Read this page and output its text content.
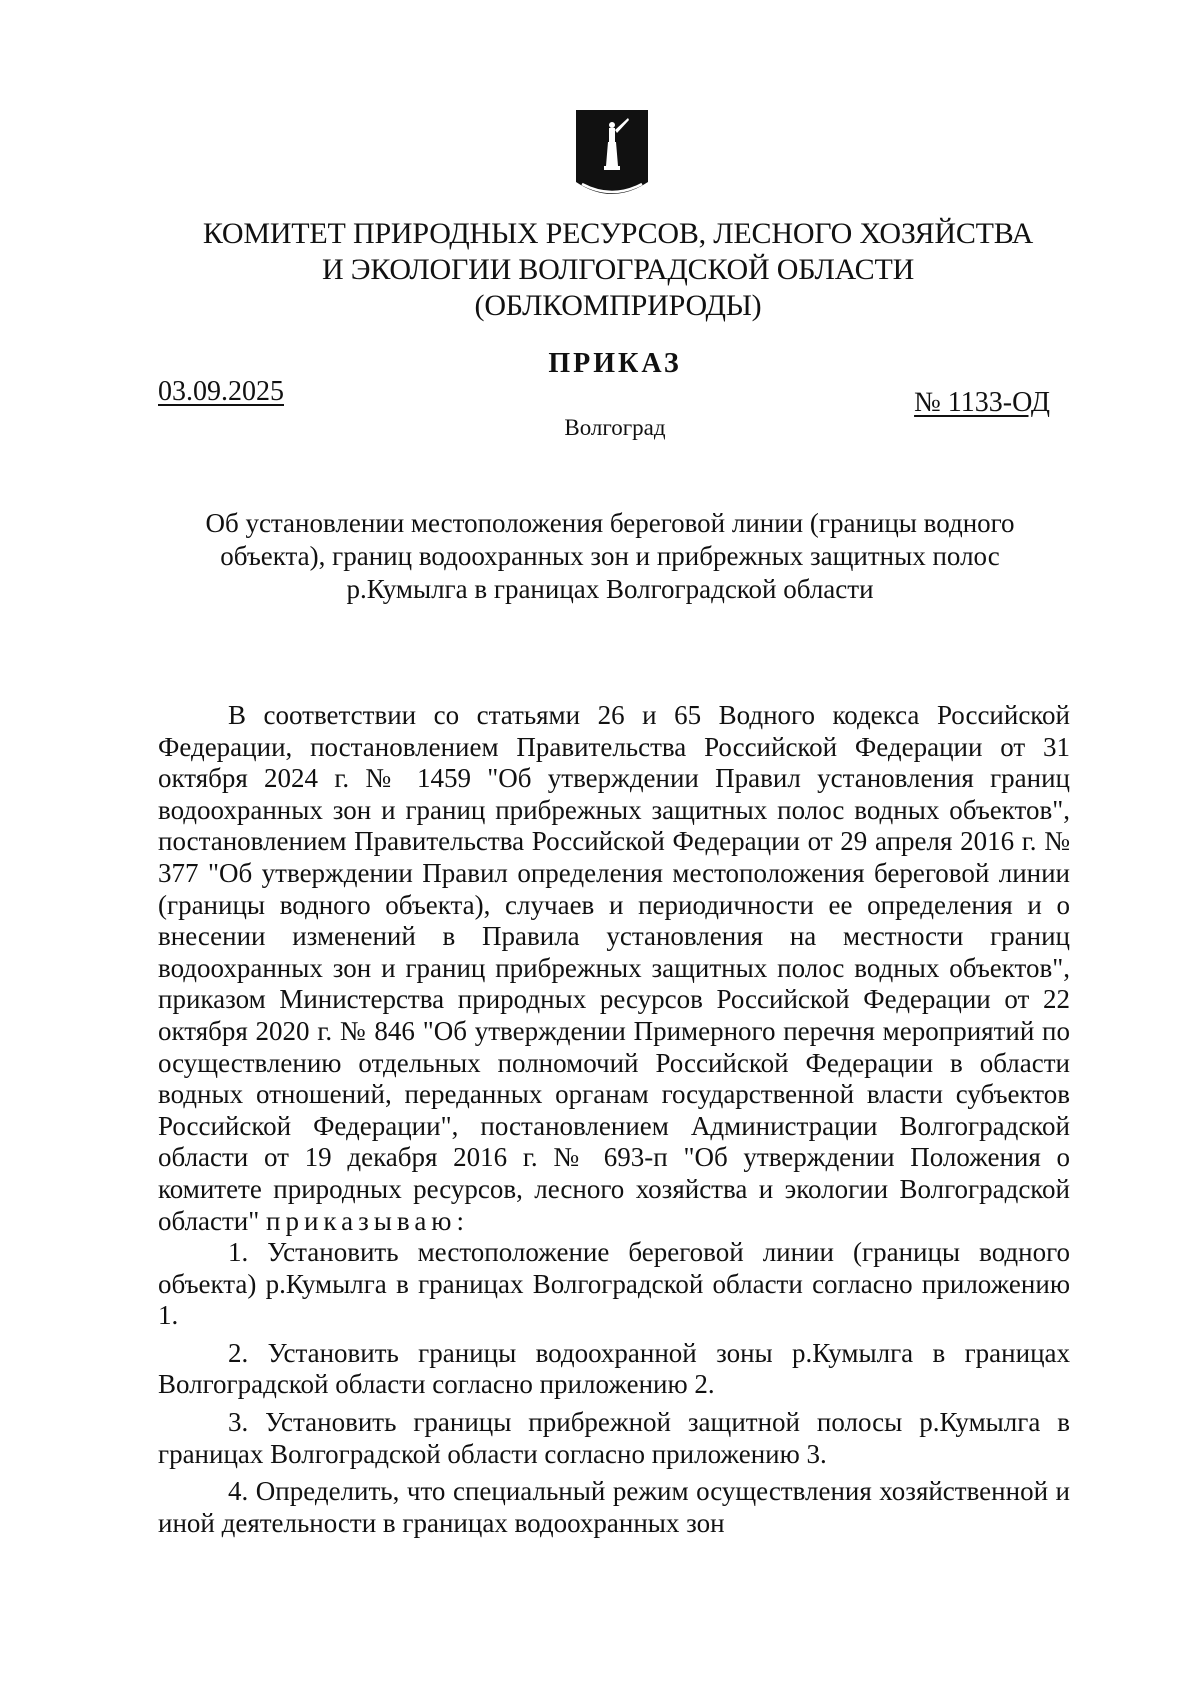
КОМИТЕТ ПРИРОДНЫХ РЕСУРСОВ, ЛЕСНОГО ХОЗЯЙСТВА
И ЭКОЛОГИИ ВОЛГОГРАДСКОЙ ОБЛАСТИ
(ОБЛКОМПРИРОДЫ)
ПРИКАЗ
03.09.2025	№ 1133-ОД
Волгоград
Об установлении местоположения береговой линии (границы водного
объекта), границ водоохранных зон и прибрежных защитных полос
р.Кумылга в границах Волгоградской области

В соответствии со статьями 26 и 65 Водного кодекса Российской Федерации, постановлением Правительства Российской Федерации от 31 октября 2024 г. № 1459 "Об утверждении Правил установления границ водоохранных зон и границ прибрежных защитных полос водных объектов", постановлением Правительства Российской Федерации от 29 апреля 2016 г. № 377 "Об утверждении Правил определения местоположения береговой линии (границы водного объекта), случаев и периодичности ее определения и о внесении изменений в Правила установления на местности границ водоохранных зон и границ прибрежных защитных полос водных объектов", приказом Министерства природных ресурсов Российской Федерации от 22 октября 2020 г. № 846 "Об утверждении Примерного перечня мероприятий по осуществлению отдельных полномочий Российской Федерации в области водных отношений, переданных органам государственной власти субъектов Российской Федерации", постановлением Администрации Волгоградской области от 19 декабря 2016 г. № 693-п "Об утверждении Положения о комитете природных ресурсов, лесного хозяйства и экологии Волгоградской области" приказываю:

1. Установить местоположение береговой линии (границы водного объекта) р.Кумылга в границах Волгоградской области согласно приложению 1.

2. Установить границы водоохранной зоны р.Кумылга в границах Волгоградской области согласно приложению 2.

3. Установить границы прибрежной защитной полосы р.Кумылга в границах Волгоградской области согласно приложению 3.

4. Определить, что специальный режим осуществления хозяйственной и иной деятельности в границах водоохранных зон
